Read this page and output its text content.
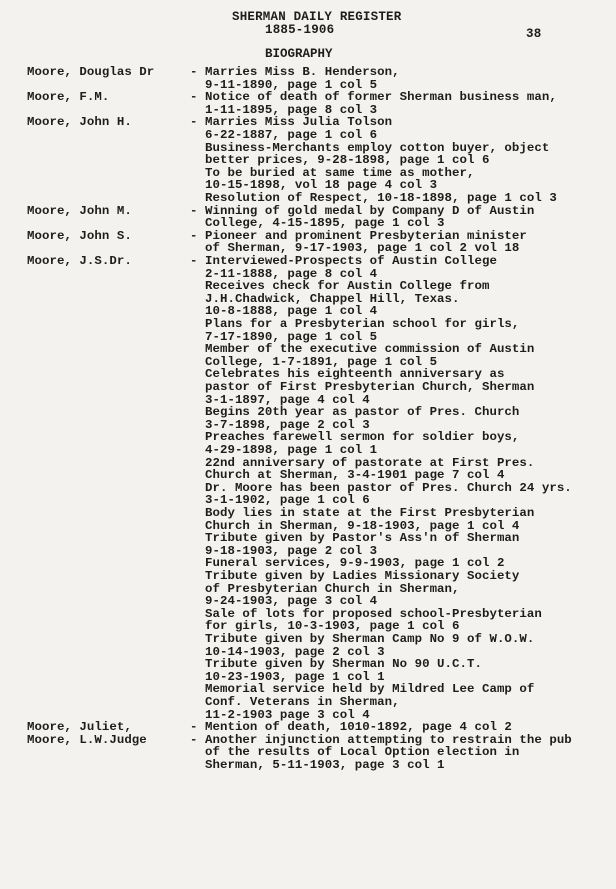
SHERMAN DAILY REGISTER
1885-1906	38
BIOGRAPHY
Moore, Douglas Dr	- Marries Miss B. Henderson,
9-11-1890, page 1 col 5
Moore, F.M.	- Notice of death of former Sherman business man,
1-11-1895, page 8 col 3
Moore, John H.	- Marries Miss Julia Tolson
6-22-1887, page 1 col 6
Business-Merchants employ cotton buyer, object
better prices, 9-28-1898, page 1 col 6
To be buried at same time as mother,
10-15-1898, vol 18 page 4 col 3
Resolution of Respect, 10-18-1898, page 1 col 3
Moore, John M.	- Winning of gold medal by Company D of Austin
College, 4-15-1895, page 1 col 3
Moore, John S.	- Pioneer and prominent Presbyterian minister
of Sherman, 9-17-1903, page 1 col 2 vol 18
Moore, J.S.Dr.	- Interviewed-Prospects of Austin College
2-11-1888, page 8 col 4
Receives check for Austin College from
J.H.Chadwick, Chappel Hill, Texas.
10-8-1888, page 1 col 4
Plans for a Presbyterian school for girls,
7-17-1890, page 1 col 5
Member of the executive commission of Austin
College, 1-7-1891, page 1 col 5
Celebrates his eighteenth anniversary as
pastor of First Presbyterian Church, Sherman
3-1-1897, page 4 col 4
Begins 20th year as pastor of Pres. Church
3-7-1898, page 2 col 3
Preaches farewell sermon for soldier boys,
4-29-1898, page 1 col 1
22nd anniversary of pastorate at First Pres.
Church at Sherman, 3-4-1901 page 7 col 4
Dr. Moore has been pastor of Pres. Church 24 yrs.
3-1-1902, page 1 col 6
Body lies in state at the First Presbyterian
Church in Sherman, 9-18-1903, page 1 col 4
Tribute given by Pastor's Ass'n of Sherman
9-18-1903, page 2 col 3
Funeral services, 9-9-1903, page 1 col 2
Tribute given by Ladies Missionary Society
of Presbyterian Church in Sherman,
9-24-1903, page 3 col 4
Sale of lots for proposed school-Presbyterian
for girls, 10-3-1903, page 1 col 6
Tribute given by Sherman Camp No 9 of W.O.W.
10-14-1903, page 2 col 3
Tribute given by Sherman No 90 U.C.T.
10-23-1903, page 1 col 1
Memorial service held by Mildred Lee Camp of
Conf. Veterans in Sherman,
11-2-1903 page 3 col 4
Moore, Juliet,	- Mention of death, 1010-1892, page 4 col 2
Moore, L.W.Judge	- Another injunction attempting to restrain the pub
of the results of Local Option election in
Sherman, 5-11-1903, page 3 col 1
